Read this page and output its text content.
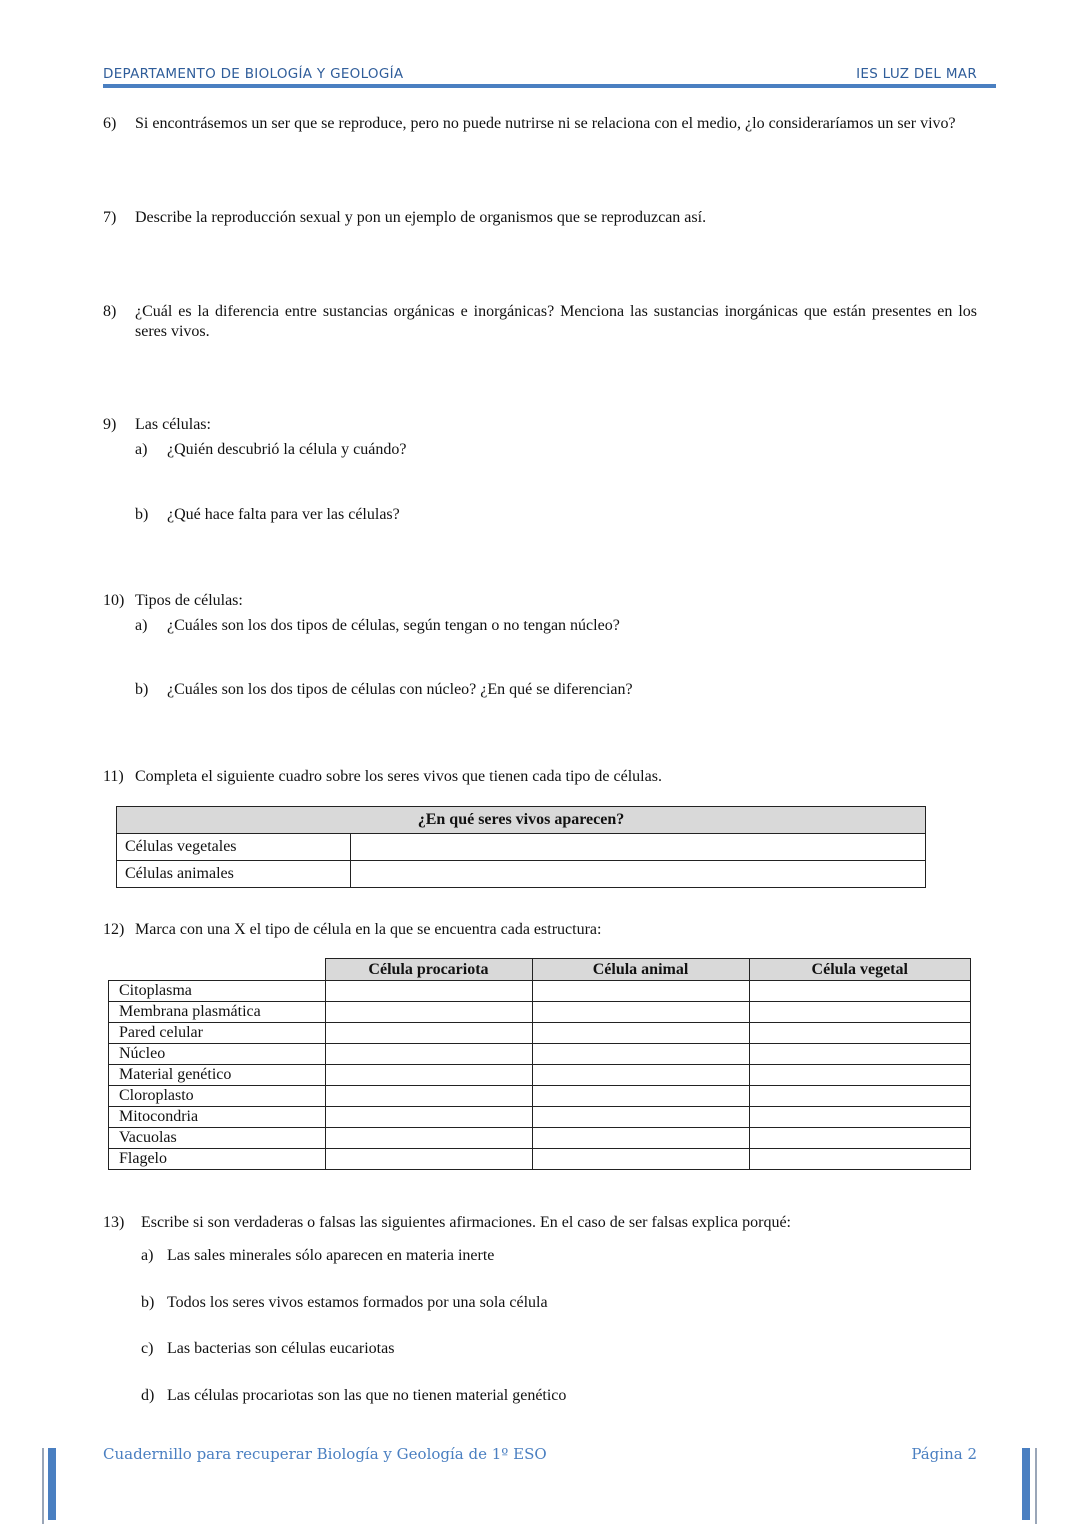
DEPARTAMENTO DE BIOLOGÍA Y GEOLOGÍA	IES LUZ DEL MAR
6) Si encontrásemos un ser que se reproduce, pero no puede nutrirse ni se relaciona con el medio, ¿lo consideraríamos un ser vivo?
7) Describe la reproducción sexual y pon un ejemplo de organismos que se reproduzcan así.
8) ¿Cuál es la diferencia entre sustancias orgánicas e inorgánicas? Menciona las sustancias inorgánicas que están presentes en los seres vivos.
9) Las células:
a) ¿Quién descubrió la célula y cuándo?
b) ¿Qué hace falta para ver las células?
10) Tipos de células:
a) ¿Cuáles son los dos tipos de células, según tengan o no tengan núcleo?
b) ¿Cuáles son los dos tipos de células con núcleo? ¿En qué se diferencian?
11) Completa el siguiente cuadro sobre los seres vivos que tienen cada tipo de células.
¿En qué seres vivos aparecen?	
Células vegetales	
Células animales	
12) Marca con una X el tipo de célula en la que se encuentra cada estructura:
	Célula procariota	Célula animal	Célula vegetal
Citoplasma			
Membrana plasmática			
Pared celular			
Núcleo			
Material genético			
Cloroplasto			
Mitocondria			
Vacuolas			
Flagelo			
13) Escribe si son verdaderas o falsas las siguientes afirmaciones. En el caso de ser falsas explica porqué:
a) Las sales minerales sólo aparecen en materia inerte
b) Todos los seres vivos estamos formados por una sola célula
c) Las bacterias son células eucariotas
d) Las células procariotas son las que no tienen material genético
Cuadernillo para recuperar Biología y Geología de 1º ESO	Página 2
